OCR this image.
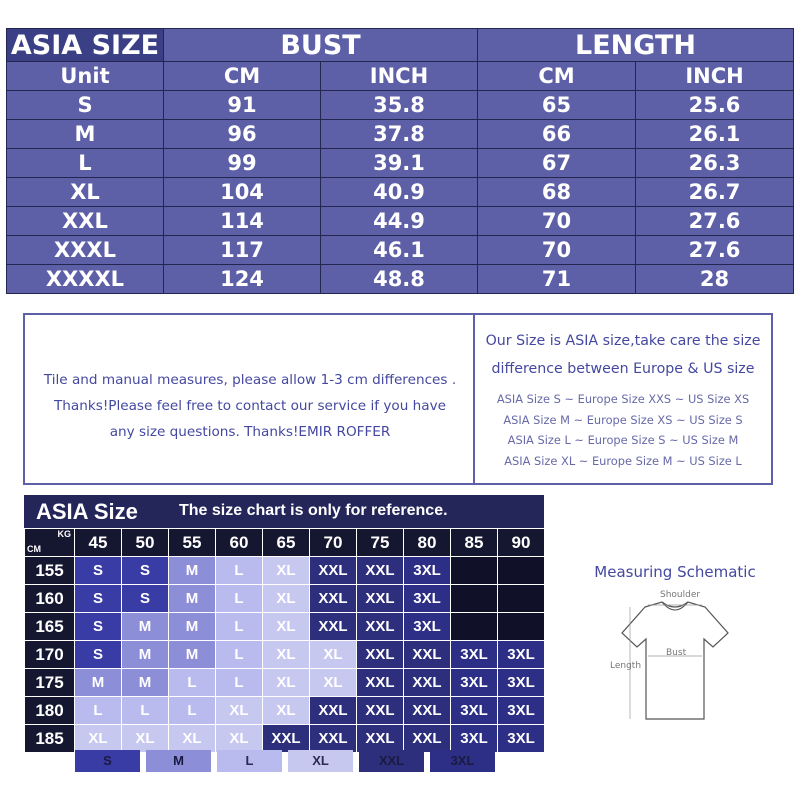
ASIA SIZE	BUST		LENGTH	
Unit	CM	INCH	CM	INCH
S	91	35.8	65	25.6
M	96	37.8	66	26.1
L	99	39.1	67	26.3
XL	104	40.9	68	26.7
XXL	114	44.9	70	27.6
XXXL	117	46.1	70	27.6
XXXXL	124	48.8	71	28
Tile and manual measures, please allow 1-3 cm differences .
Thanks!Please feel free to contact our service if you have
any size questions. Thanks!EMIR ROFFER
Our Size is ASIA size,take care the size
difference between Europe & US size
ASIA Size S ~ Europe Size XXS ~ US Size XS
ASIA Size M ~ Europe Size XS ~ US Size S
ASIA Size L ~ Europe Size S ~ US Size M
ASIA Size XL ~ Europe Size M ~ US Size L
ASIA Size	The size chart is only for reference.
CM
KG	45	50	55	60	65	70	75	80	85	90
155	S	S	M	L	XL	XXL	XXL	3XL		
160	S	S	M	L	XL	XXL	XXL	3XL		
165	S	M	M	L	XL	XXL	XXL	3XL		
170	S	M	M	L	XL	XL	XXL	XXL	3XL	3XL
175	M	M	L	L	XL	XL	XXL	XXL	3XL	3XL
180	L	L	L	XL	XL	XXL	XXL	XXL	3XL	3XL
185	XL	XL	XL	XL	XXL	XXL	XXL	XXL	3XL	3XL
S	M	L	XL	XXL	3XL
Measuring Schematic
Shoulder
Length
Bust
